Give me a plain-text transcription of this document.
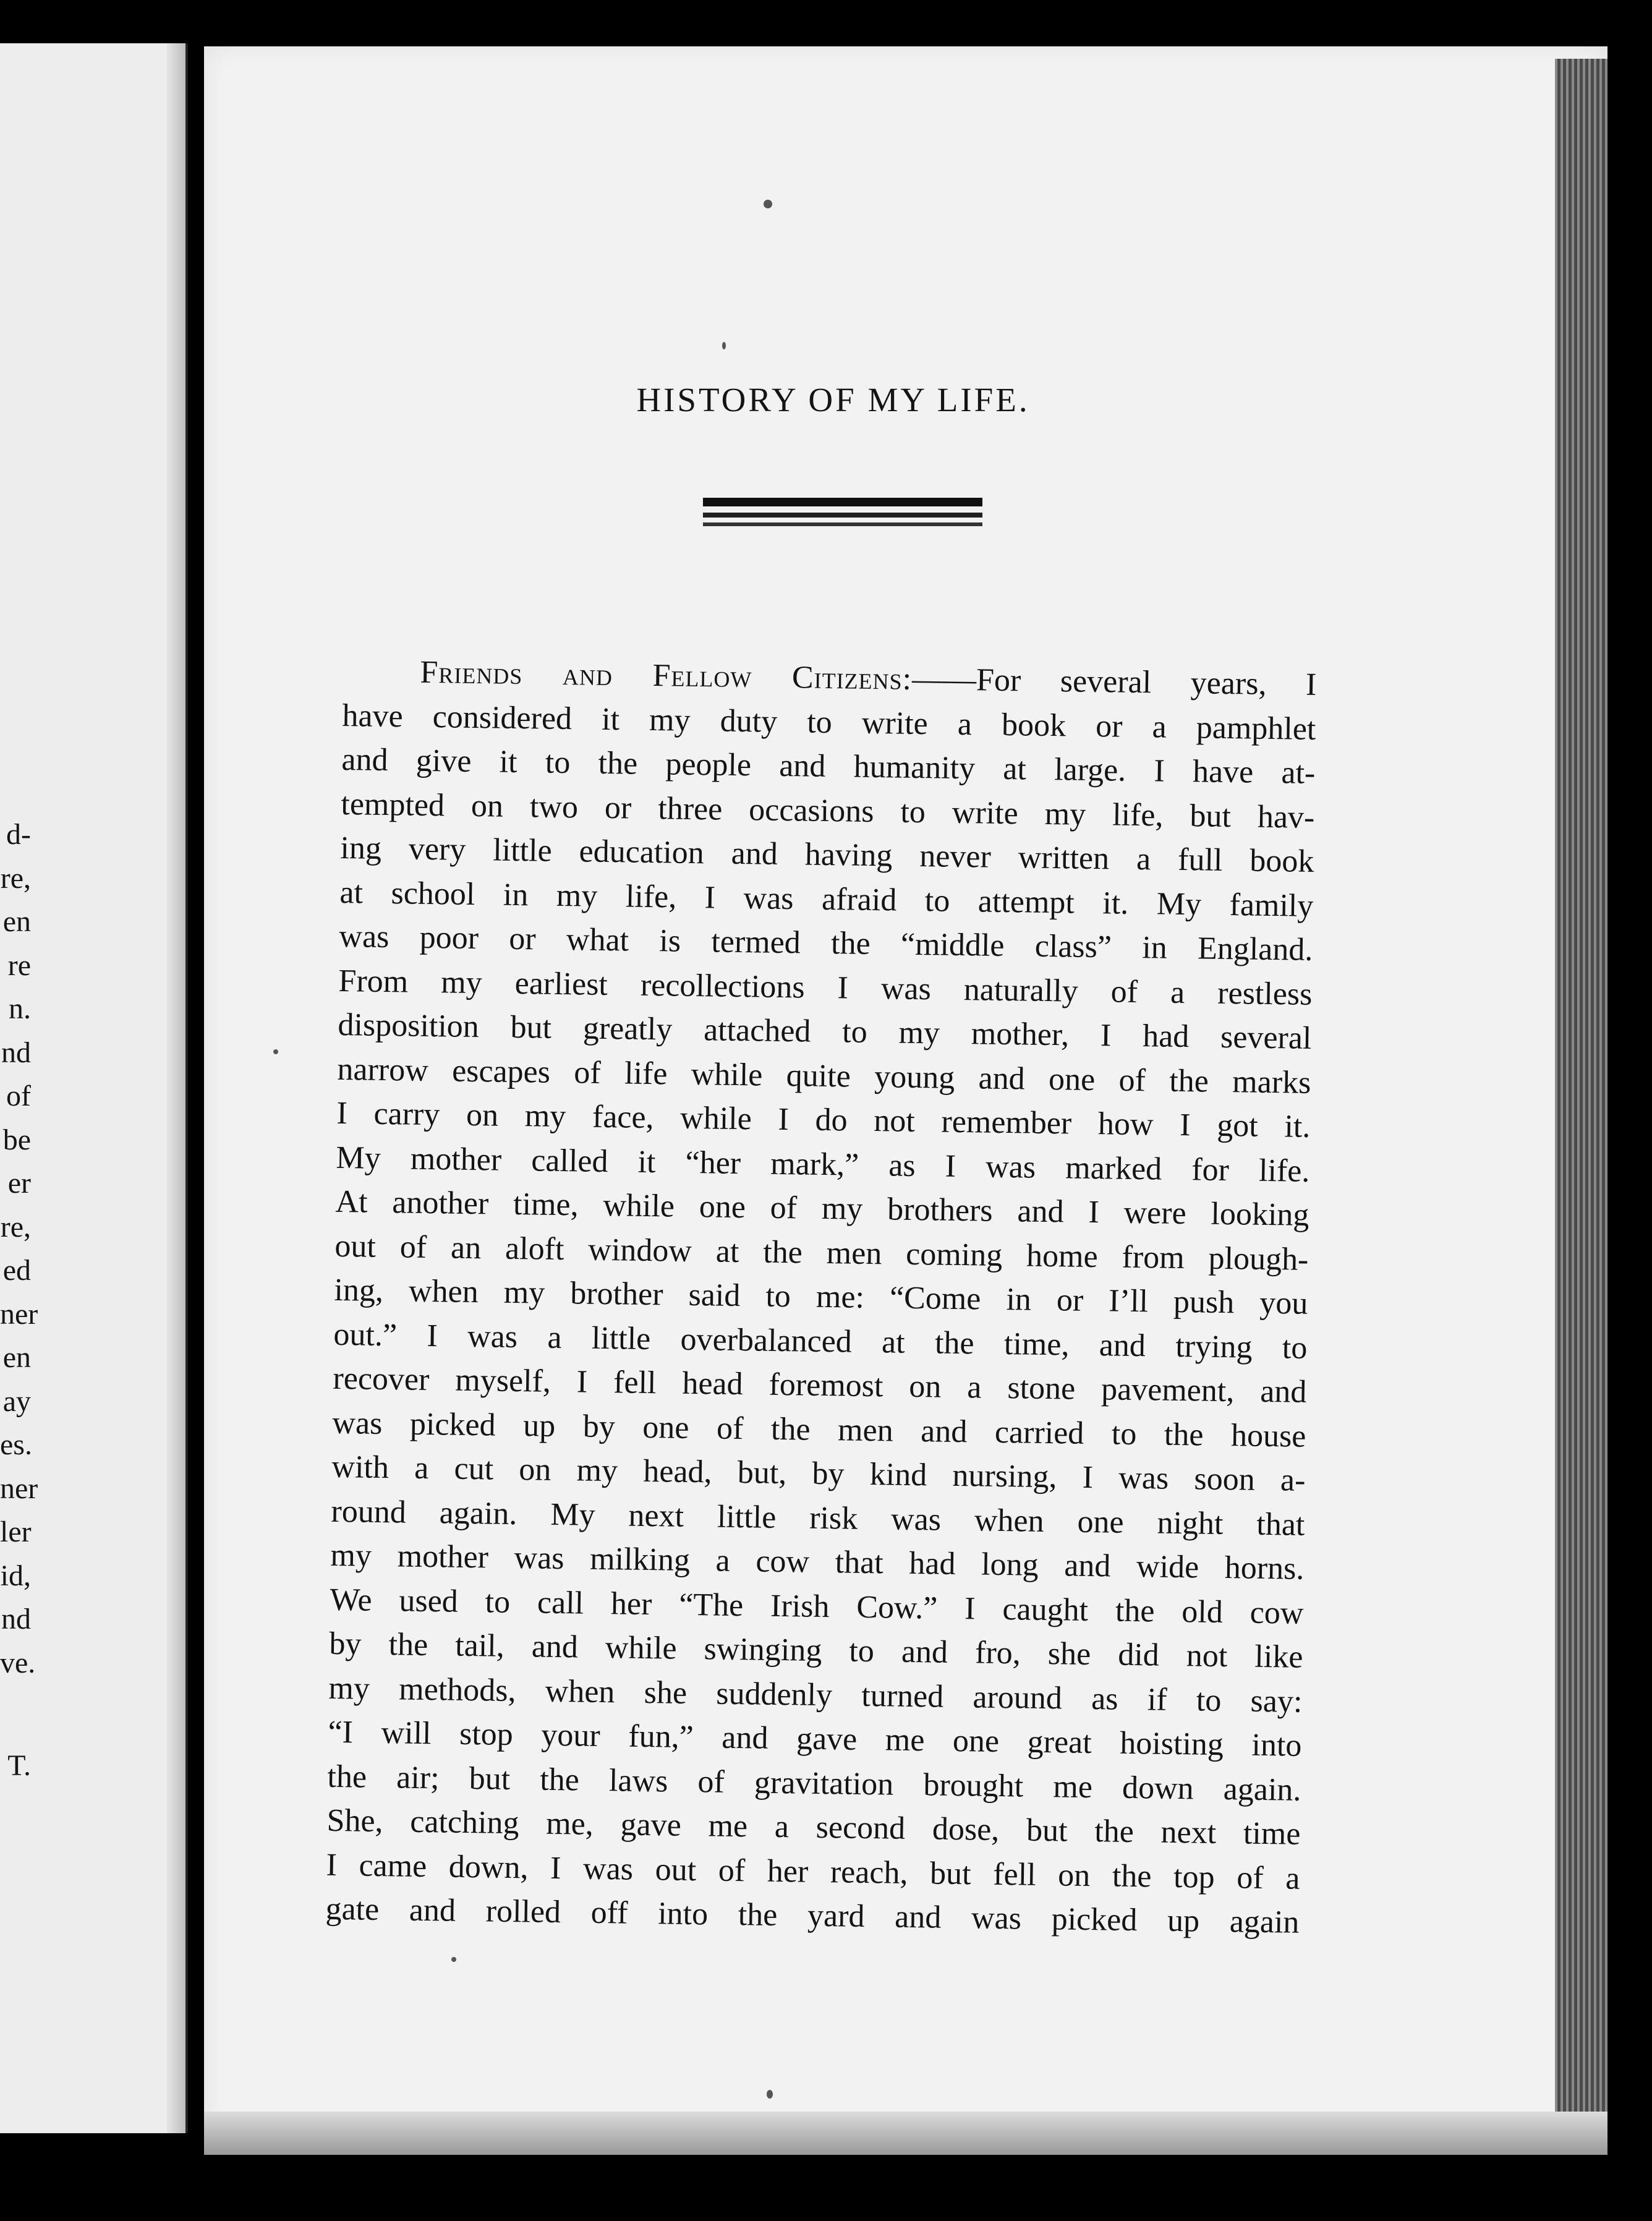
d-
re,
en
re
n.
nd
of
be
er
re,
ed
ner
en
ay
es.
ner
ler
id,
nd
ve.
T.
HISTORY OF MY LIFE.
Friends and Fellow Citizens:——For several years, I
have considered it my duty to write a book or a pamphlet
and give it to the people and humanity at large. I have at-
tempted on two or three occasions to write my life, but hav-
ing very little education and having never written a full book
at school in my life, I was afraid to attempt it. My family
was poor or what is termed the “middle class” in England.
From my earliest recollections I was naturally of a restless
disposition but greatly attached to my mother, I had several
narrow escapes of life while quite young and one of the marks
I carry on my face, while I do not remember how I got it.
My mother called it “her mark,” as I was marked for life.
At another time, while one of my brothers and I were looking
out of an aloft window at the men coming home from plough-
ing, when my brother said to me: “Come in or I’ll push you
out.” I was a little overbalanced at the time, and trying to
recover myself, I fell head foremost on a stone pavement, and
was picked up by one of the men and carried to the house
with a cut on my head, but, by kind nursing, I was soon a-
round again. My next little risk was when one night that
my mother was milking a cow that had long and wide horns.
We used to call her “The Irish Cow.” I caught the old cow
by the tail, and while swinging to and fro, she did not like
my methods, when she suddenly turned around as if to say:
“I will stop your fun,” and gave me one great hoisting into
the air; but the laws of gravitation brought me down again.
She, catching me, gave me a second dose, but the next time
I came down, I was out of her reach, but fell on the top of a
gate and rolled off into the yard and was picked up again
